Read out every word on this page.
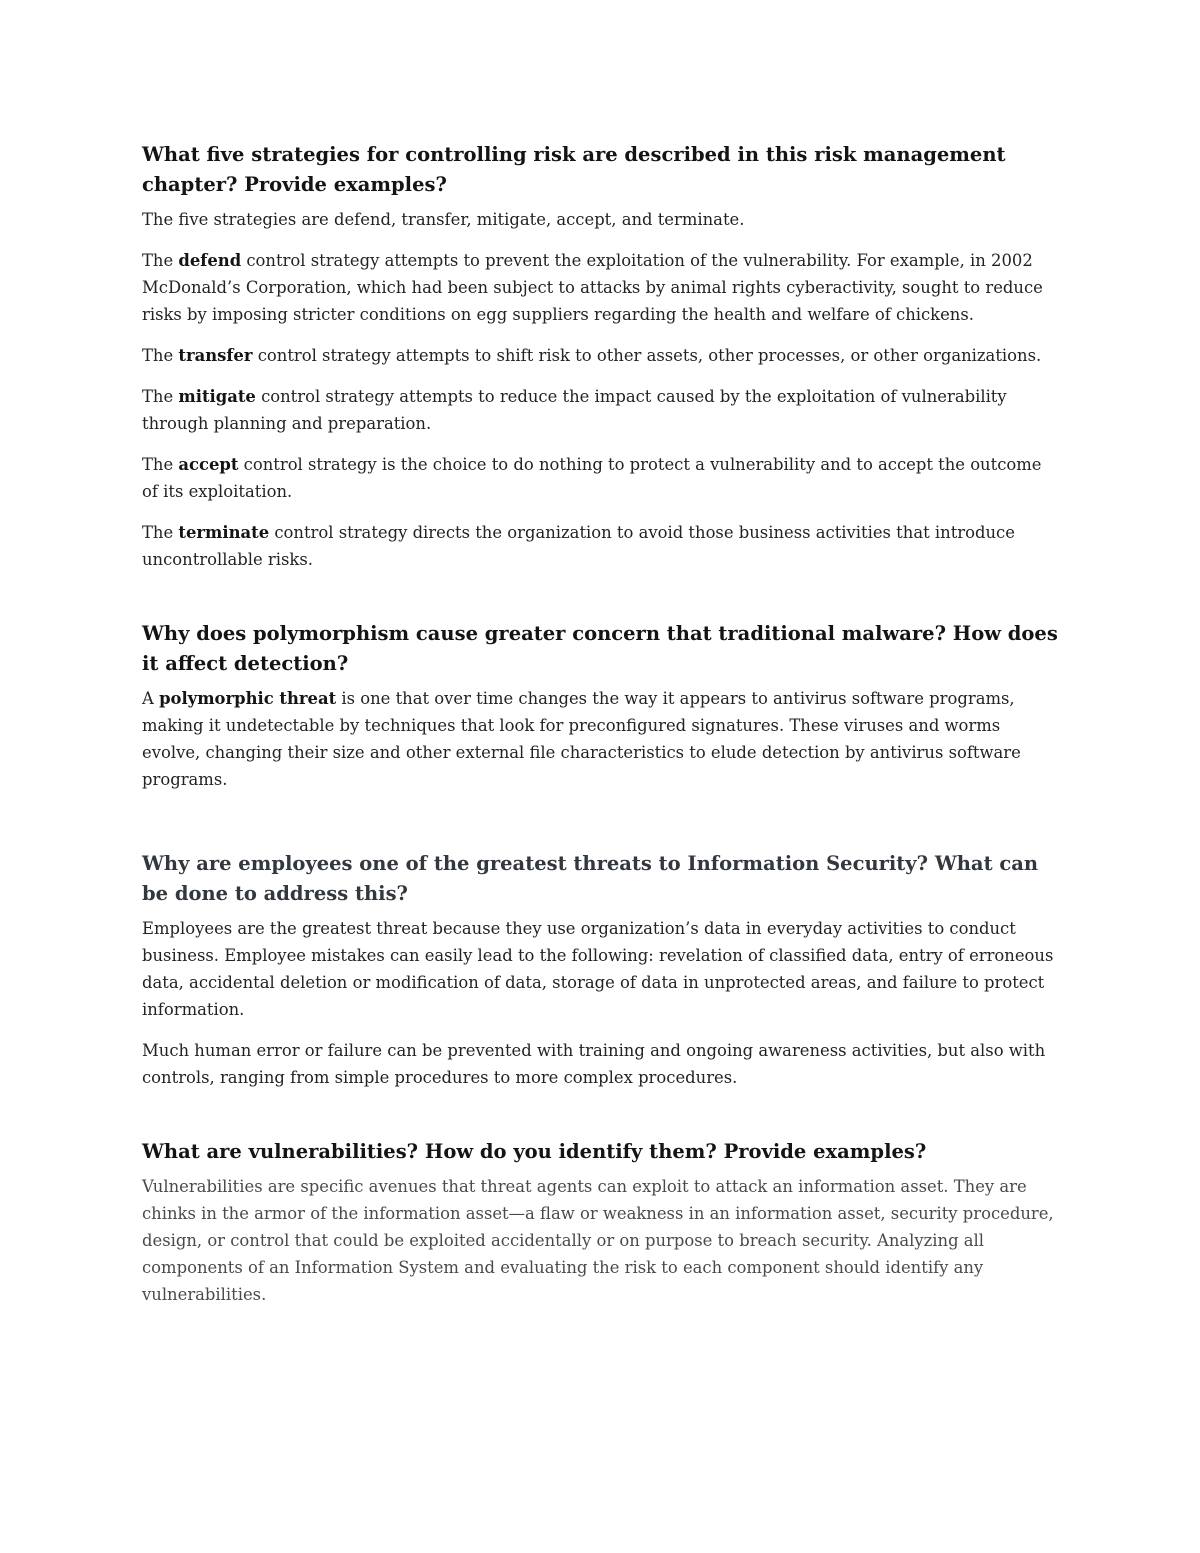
What five strategies for controlling risk are described in this risk management chapter? Provide examples?
The five strategies are defend, transfer, mitigate, accept, and terminate.
The defend control strategy attempts to prevent the exploitation of the vulnerability. For example, in 2002 McDonald’s Corporation, which had been subject to attacks by animal rights cyberactivity, sought to reduce risks by imposing stricter conditions on egg suppliers regarding the health and welfare of chickens.
The transfer control strategy attempts to shift risk to other assets, other processes, or other organizations.
The mitigate control strategy attempts to reduce the impact caused by the exploitation of vulnerability through planning and preparation.
The accept control strategy is the choice to do nothing to protect a vulnerability and to accept the outcome of its exploitation.
The terminate control strategy directs the organization to avoid those business activities that introduce uncontrollable risks.
Why does polymorphism cause greater concern that traditional malware? How does it affect detection?
A polymorphic threat is one that over time changes the way it appears to antivirus software programs, making it undetectable by techniques that look for preconfigured signatures. These viruses and worms evolve, changing their size and other external file characteristics to elude detection by antivirus software programs.
Why are employees one of the greatest threats to Information Security? What can be done to address this?
Employees are the greatest threat because they use organization’s data in everyday activities to conduct business. Employee mistakes can easily lead to the following: revelation of classified data, entry of erroneous data, accidental deletion or modification of data, storage of data in unprotected areas, and failure to protect information.
Much human error or failure can be prevented with training and ongoing awareness activities, but also with controls, ranging from simple procedures to more complex procedures.
What are vulnerabilities? How do you identify them? Provide examples?
Vulnerabilities are specific avenues that threat agents can exploit to attack an information asset. They are chinks in the armor of the information asset—a flaw or weakness in an information asset, security procedure, design, or control that could be exploited accidentally or on purpose to breach security. Analyzing all components of an Information System and evaluating the risk to each component should identify any vulnerabilities.
